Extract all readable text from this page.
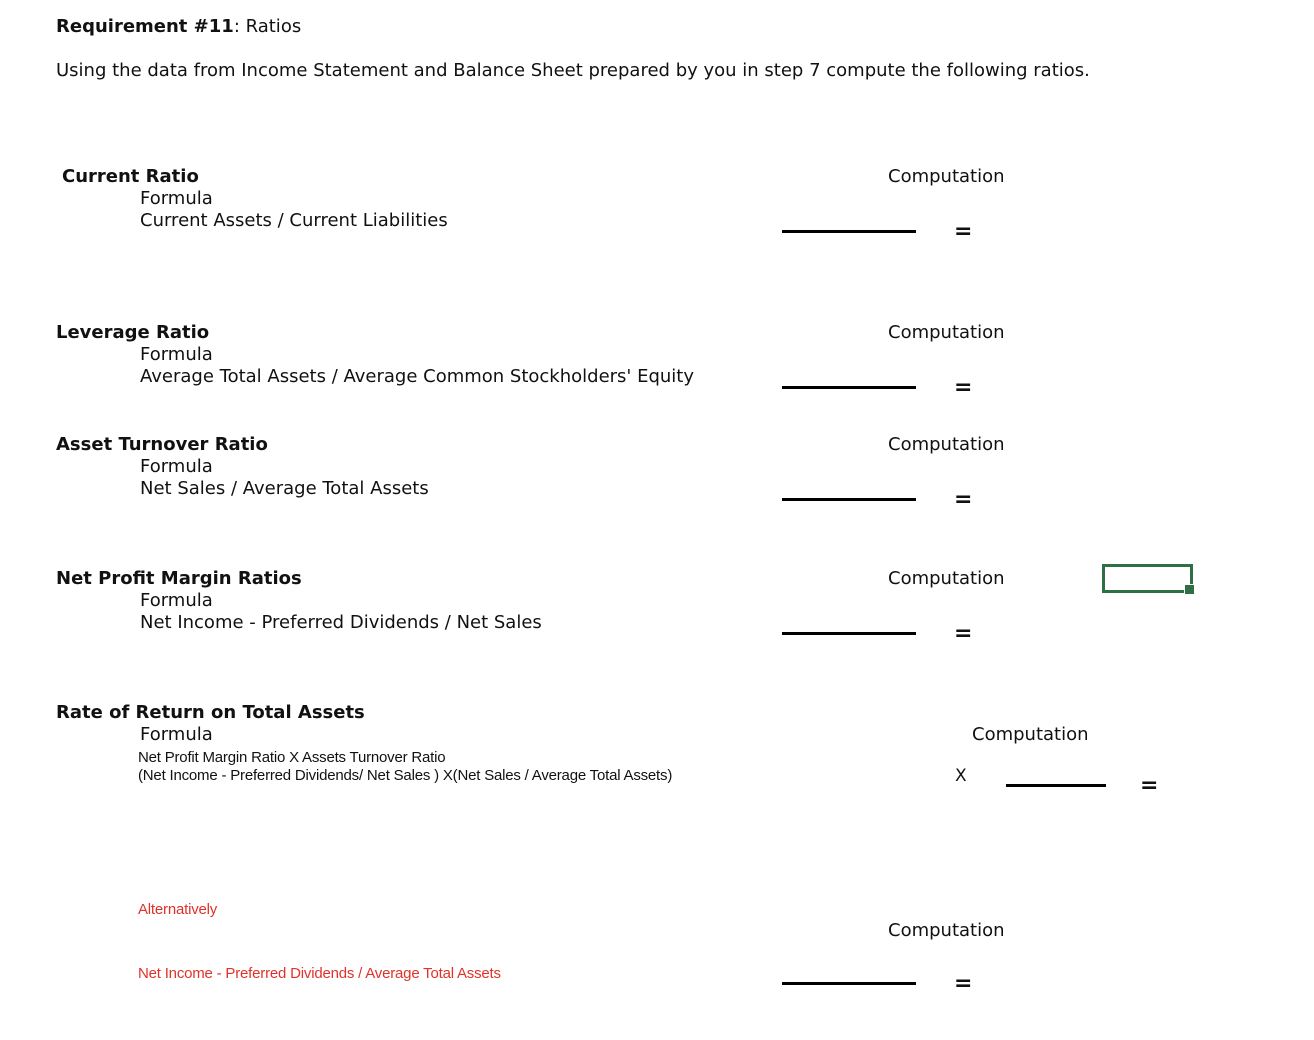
Requirement #11: Ratios
Using the data from Income Statement and Balance Sheet prepared by you in step 7 compute the following ratios.
Current Ratio
Formula
Current Assets / Current Liabilities
Computation
=
Leverage Ratio
Formula
Average Total Assets / Average Common Stockholders' Equity
Computation
=
Asset Turnover Ratio
Formula
Net Sales / Average Total Assets
Computation
=
Net Profit Margin Ratios
Formula
Net Income - Preferred Dividends / Net Sales
Computation
=
Rate of Return on Total Assets
Formula
Net Profit Margin Ratio X Assets Turnover Ratio
(Net Income - Preferred Dividends/ Net Sales ) X(Net Sales / Average Total Assets)
Computation
X	=
Alternatively
Computation
Net Income - Preferred Dividends / Average Total Assets	=
